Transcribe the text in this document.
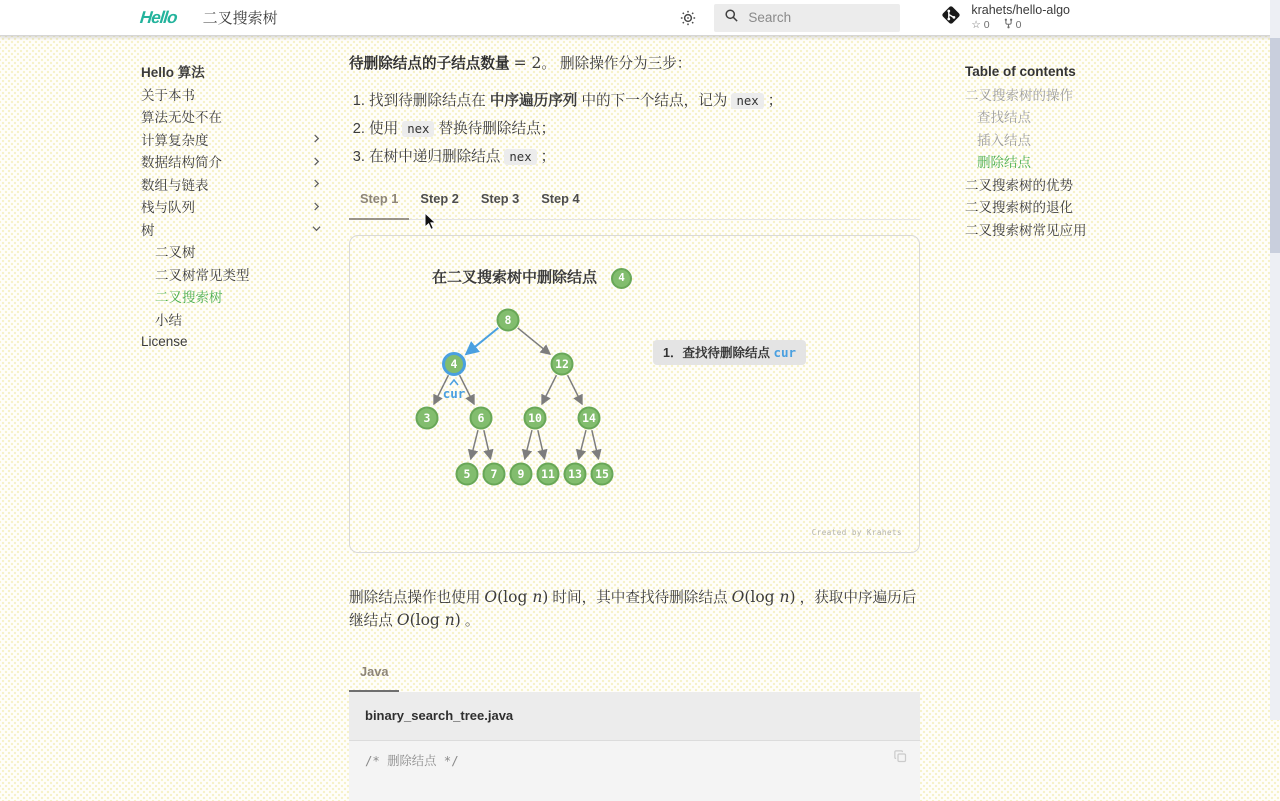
Hello 二叉搜索树
Search	krahets/hello-algo
☆ 0 0
Hello 算法
关于本书
算法无处不在
计算复杂度
数据结构简介
数组与链表
栈与队列
树
二叉树
二叉树常见类型
二叉搜索树
小结
License

待删除结点的子结点数量 = 2。 删除操作分为三步：

1. 找到待删除结点在 中序遍历序列 中的下一个结点，记为 nex ；
2. 使用 nex 替换待删除结点；
3. 在树中递归删除结点 nex ；
Step 1	Step 2	Step 3	Step 4
在二叉搜索树中删除结点	4
8
4	12
3	6	10	14
5 7 9 11 13 15
cur
1．查找待删除结点 cur
Created by Krahets

删除结点操作也使用 O(log n) 时间，其中查找待删除结点 O(log n) ，获取中序遍历后继结点 O(log n) 。

Java
binary_search_tree.java
/* 删除结点 */
Table of contents
二叉搜索树的操作
查找结点
插入结点
删除结点
二叉搜索树的优势
二叉搜索树的退化
二叉搜索树常见应用
